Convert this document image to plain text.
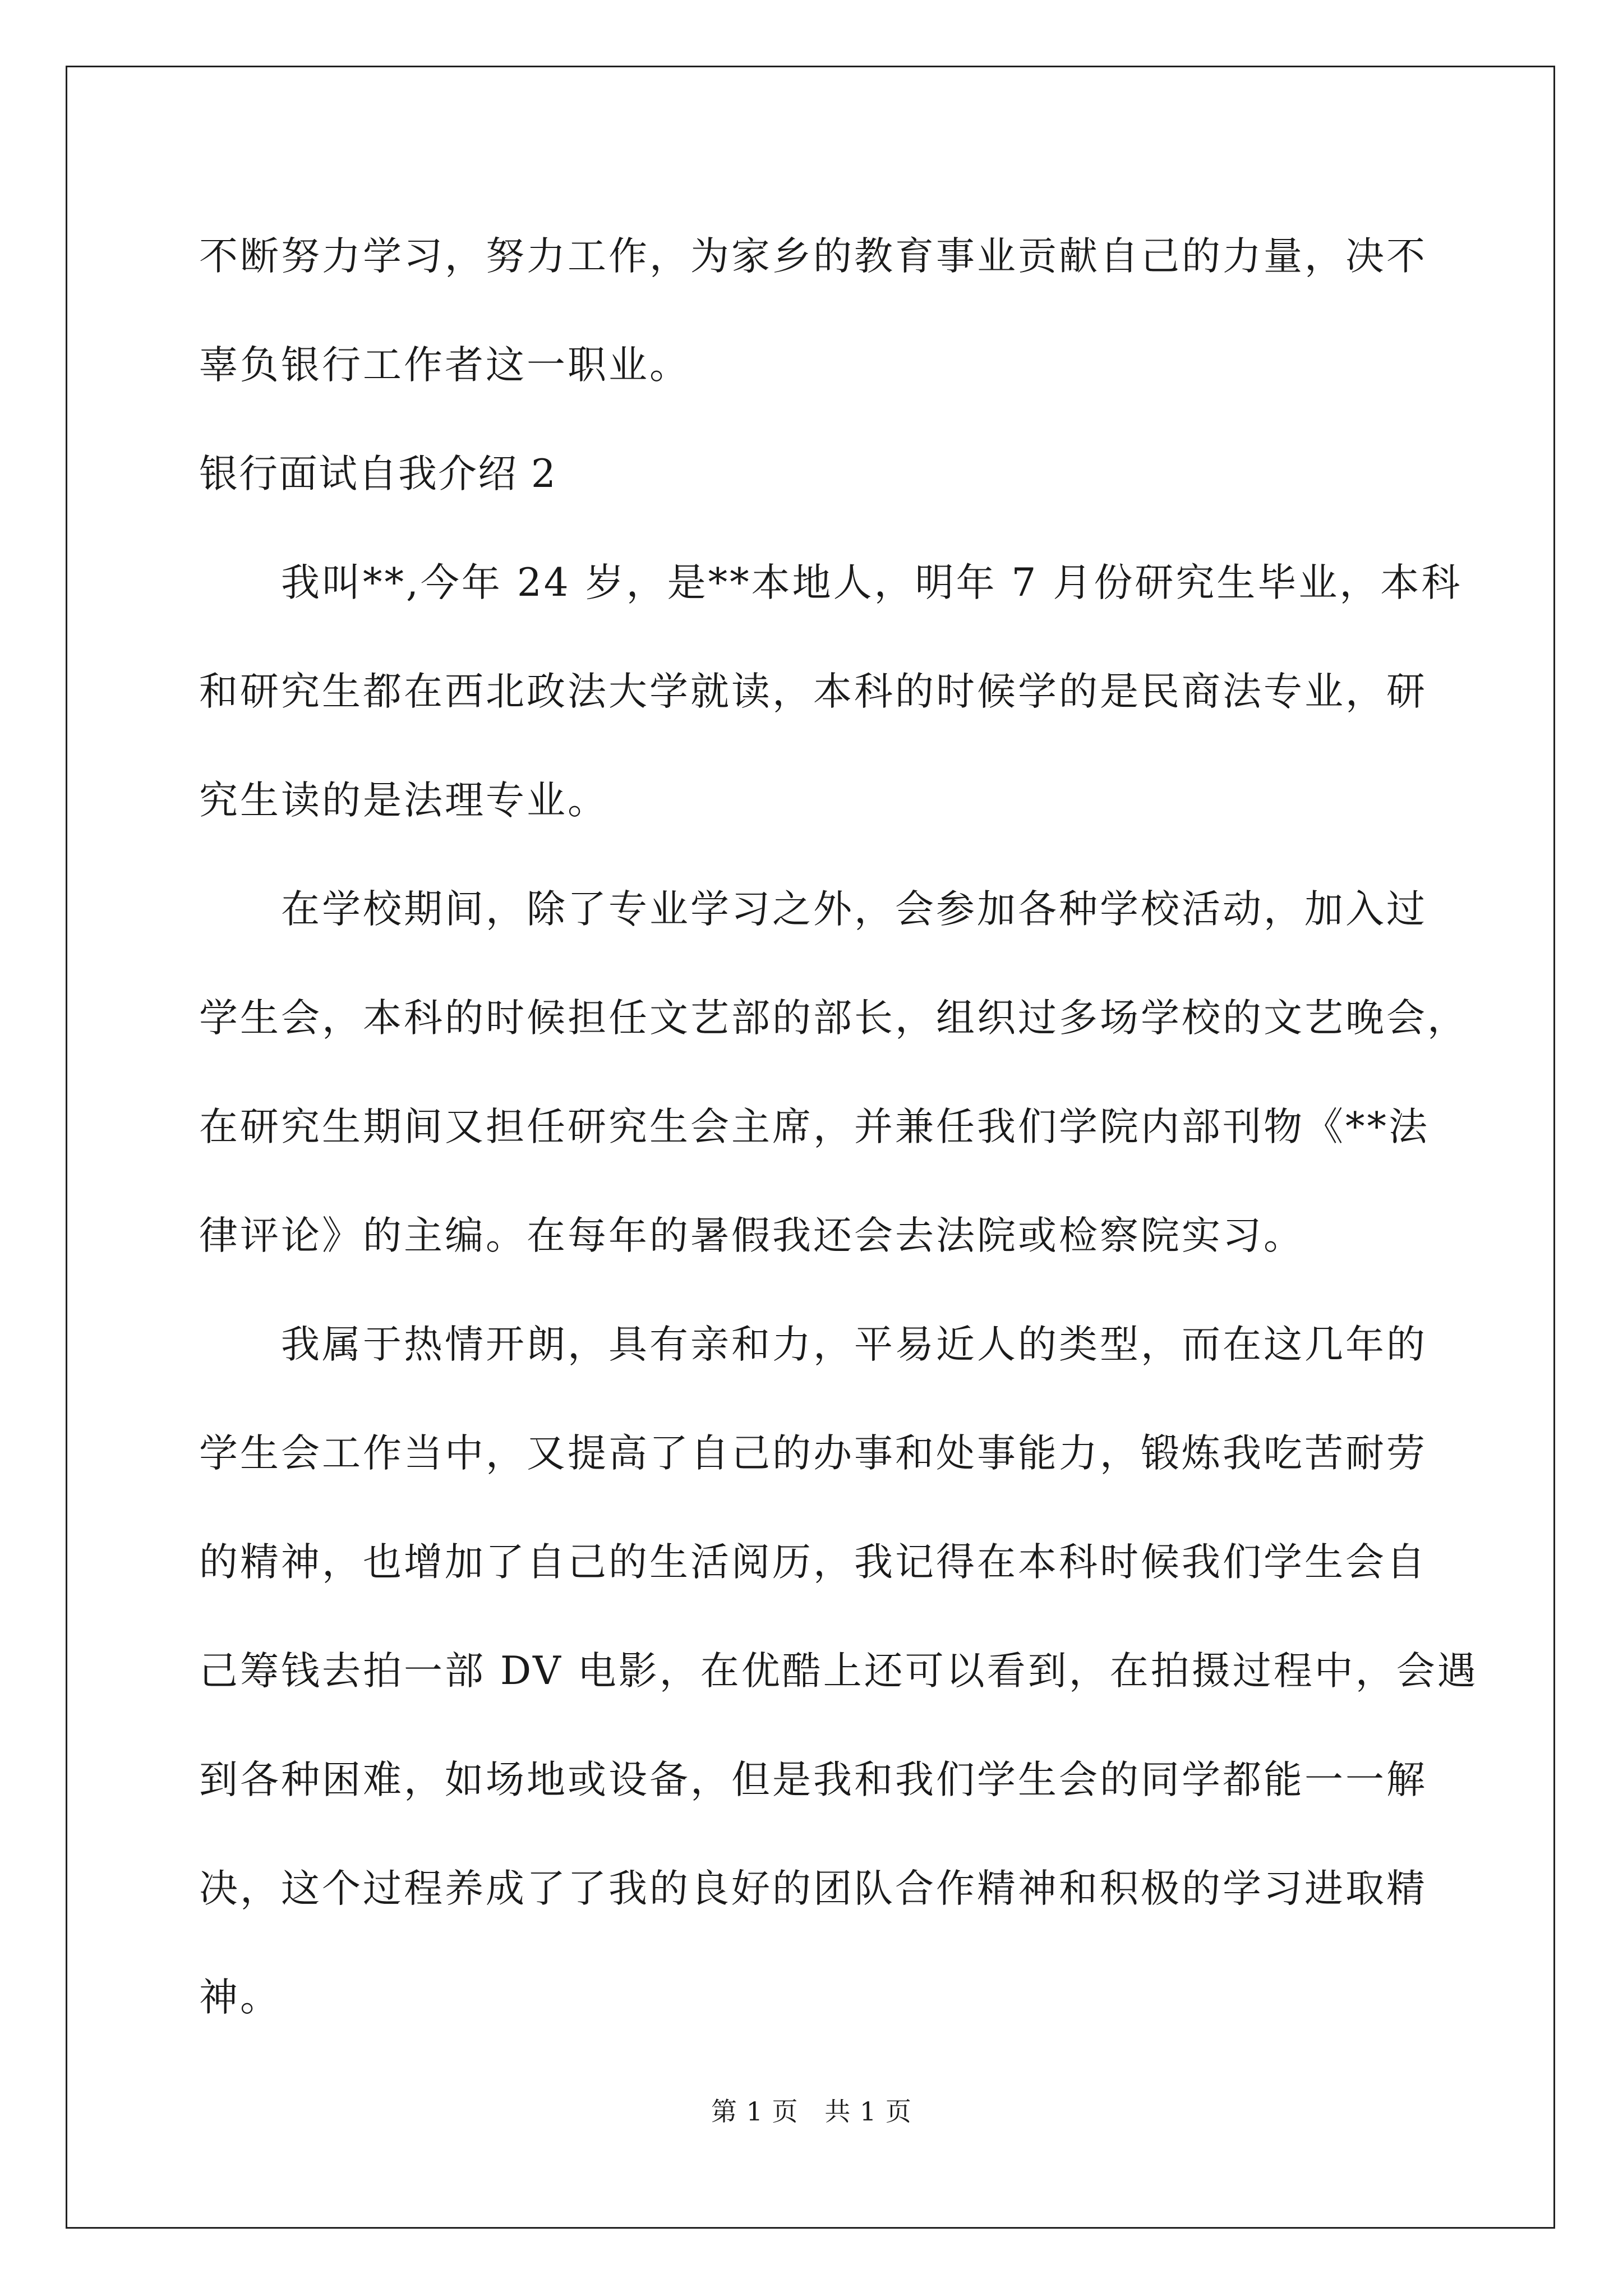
不断努力学习，努力工作，为家乡的教育事业贡献自己的力量，决不
辜负银行工作者这一职业。
银行面试自我介绍 2
我叫**,今年 24 岁，是**本地人，明年 7 月份研究生毕业，本科
和研究生都在西北政法大学就读，本科的时候学的是民商法专业，研
究生读的是法理专业。
在学校期间，除了专业学习之外，会参加各种学校活动，加入过
学生会，本科的时候担任文艺部的部长，组织过多场学校的文艺晚会，
在研究生期间又担任研究生会主席，并兼任我们学院内部刊物《**法
律评论》的主编。在每年的暑假我还会去法院或检察院实习。
我属于热情开朗，具有亲和力，平易近人的类型，而在这几年的
学生会工作当中，又提高了自己的办事和处事能力，锻炼我吃苦耐劳
的精神，也增加了自己的生活阅历，我记得在本科时候我们学生会自
己筹钱去拍一部 DV 电影，在优酷上还可以看到，在拍摄过程中，会遇
到各种困难，如场地或设备，但是我和我们学生会的同学都能一一解
决，这个过程养成了了我的良好的团队合作精神和积极的学习进取精
神。
第 1 页   共 1 页
